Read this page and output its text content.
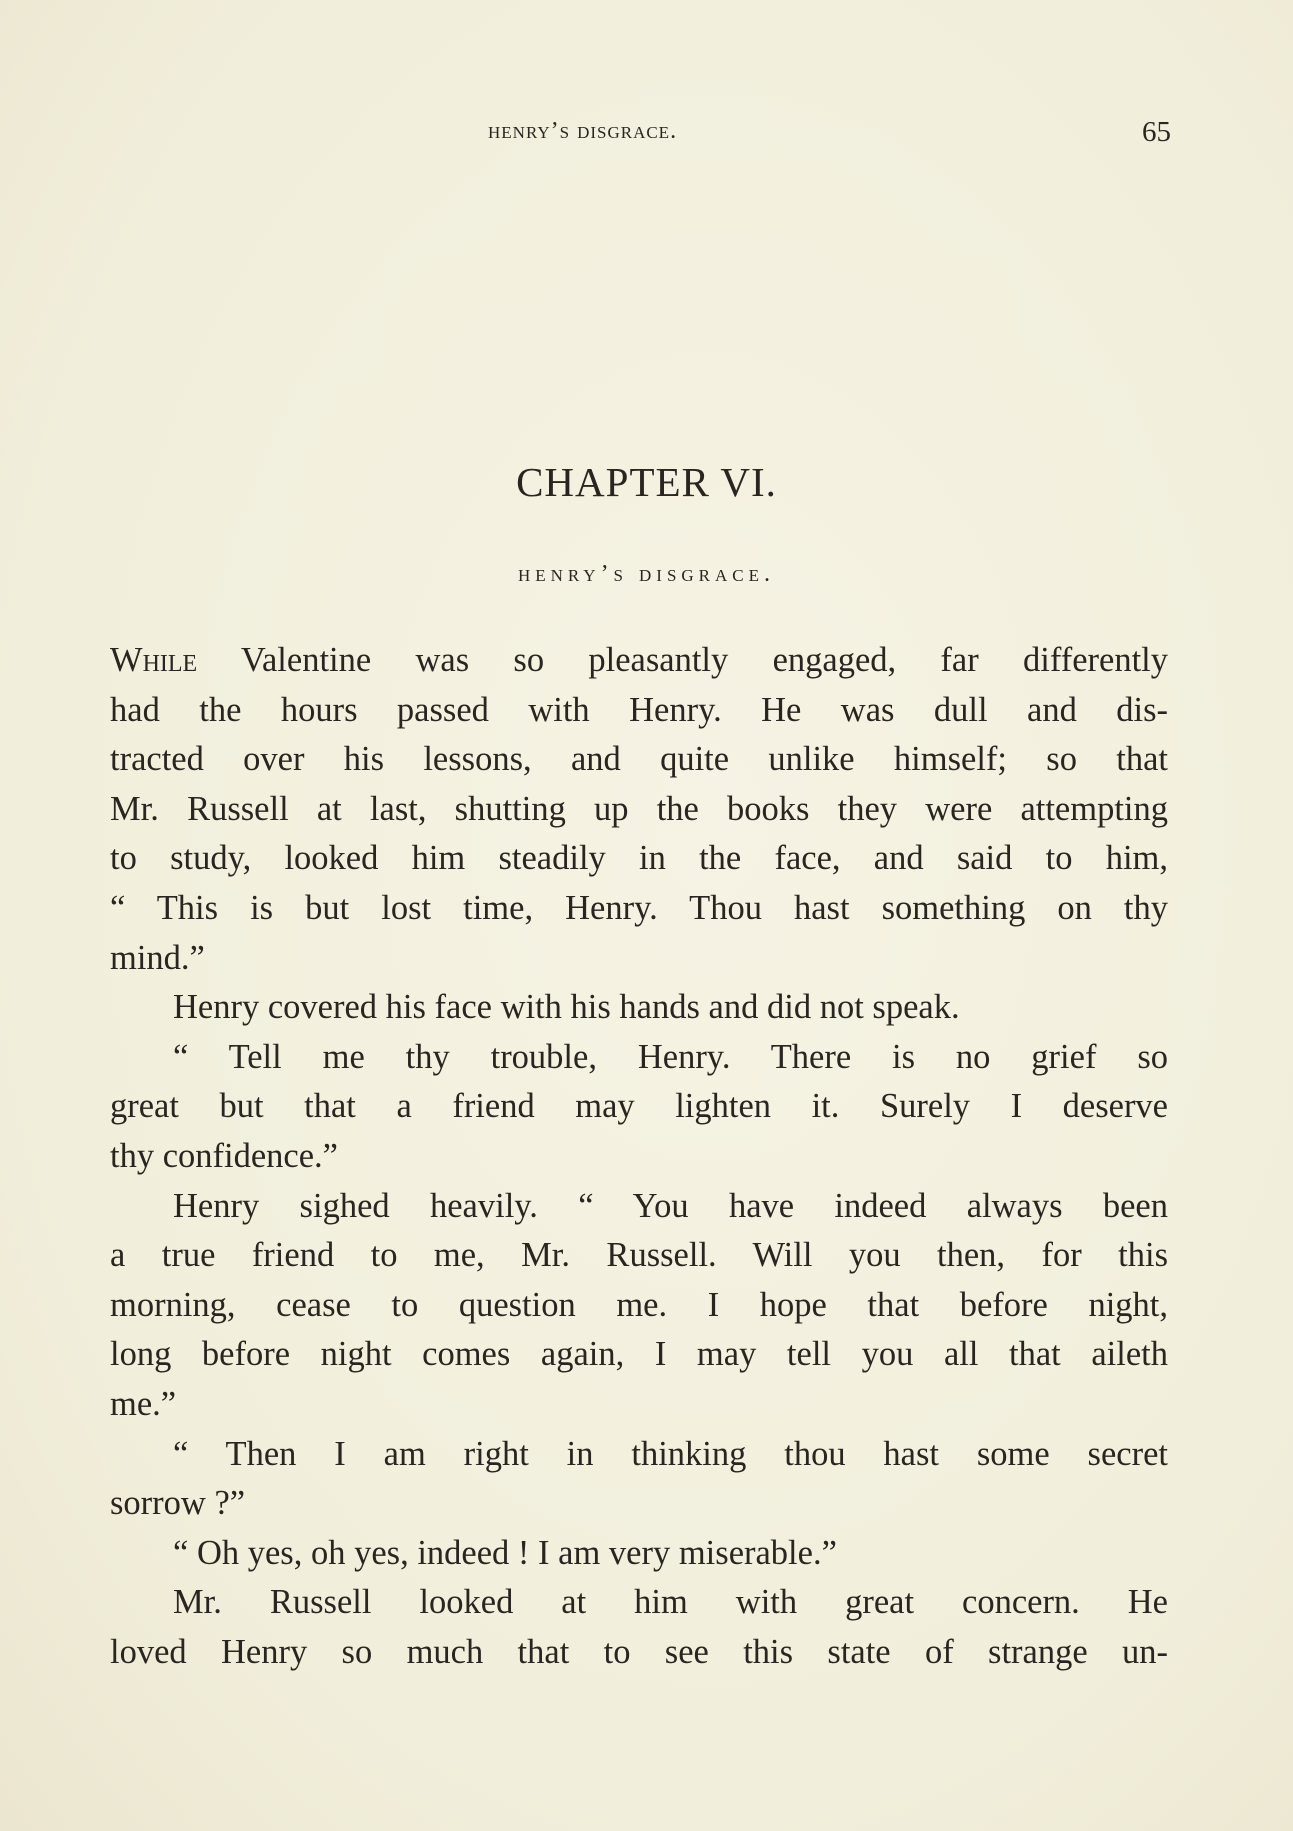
henry’s disgrace.	65
CHAPTER VI.
henry’s disgrace.
While Valentine was so pleasantly engaged, far differently
had the hours passed with Henry. He was dull and dis-
tracted over his lessons, and quite unlike himself; so that
Mr. Russell at last, shutting up the books they were attempting
to study, looked him steadily in the face, and said to him,
“ This is but lost time, Henry. Thou hast something on thy
mind.”
Henry covered his face with his hands and did not speak.
“ Tell me thy trouble, Henry. There is no grief so
great but that a friend may lighten it. Surely I deserve
thy confidence.”
Henry sighed heavily. “ You have indeed always been
a true friend to me, Mr. Russell. Will you then, for this
morning, cease to question me. I hope that before night,
long before night comes again, I may tell you all that aileth
me.”
“ Then I am right in thinking thou hast some secret
sorrow ?”
“ Oh yes, oh yes, indeed ! I am very miserable.”
Mr. Russell looked at him with great concern. He
loved Henry so much that to see this state of strange un-
